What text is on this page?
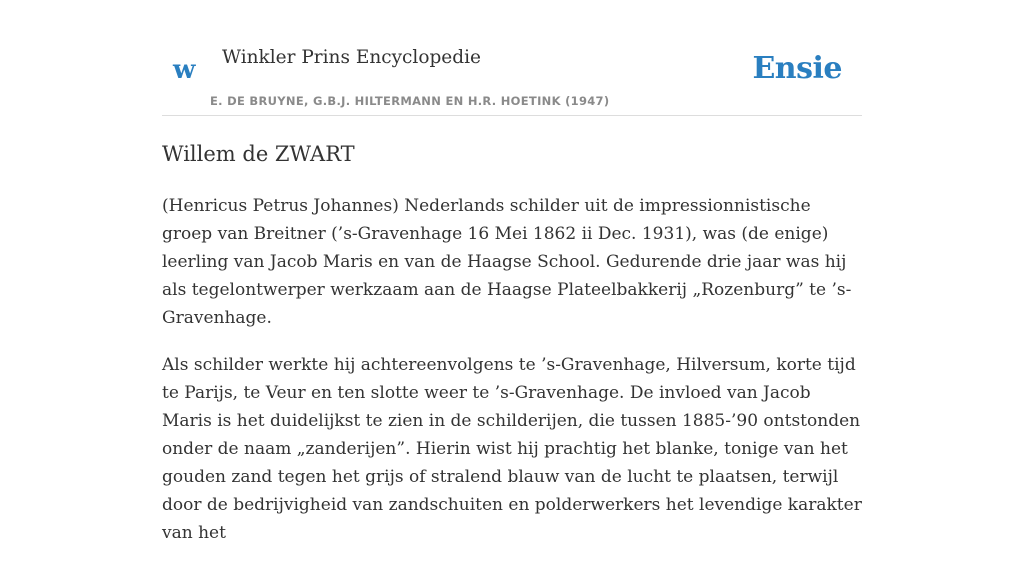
w Winkler Prins Encyclopedie
E. DE BRUYNE, G.B.J. HILTERMANN EN H.R. HOETINK (1947)
Ensie
Willem de ZWART

(Henricus Petrus Johannes) Nederlands schilder uit de impressionnistische groep van Breitner (’s-Gravenhage 16 Mei 1862 ii Dec. 1931), was (de enige) leerling van Jacob Maris en van de Haagse School. Gedurende drie jaar was hij als tegelontwerper werkzaam aan de Haagse Plateelbakkerij „Rozenburg” te ’s-Gravenhage.

Als schilder werkte hij achtereenvolgens te ’s-Gravenhage, Hilversum, korte tijd te Parijs, te Veur en ten slotte weer te ’s-Gravenhage. De invloed van Jacob Maris is het duidelijkst te zien in de schilderijen, die tussen 1885-’90 ontstonden onder de naam „zanderijen”. Hierin wist hij prachtig het blanke, tonige van het gouden zand tegen het grijs of stralend blauw van de lucht te plaatsen, terwijl door de bedrijvigheid van zandschuiten en polderwerkers het levendige karakter van het
